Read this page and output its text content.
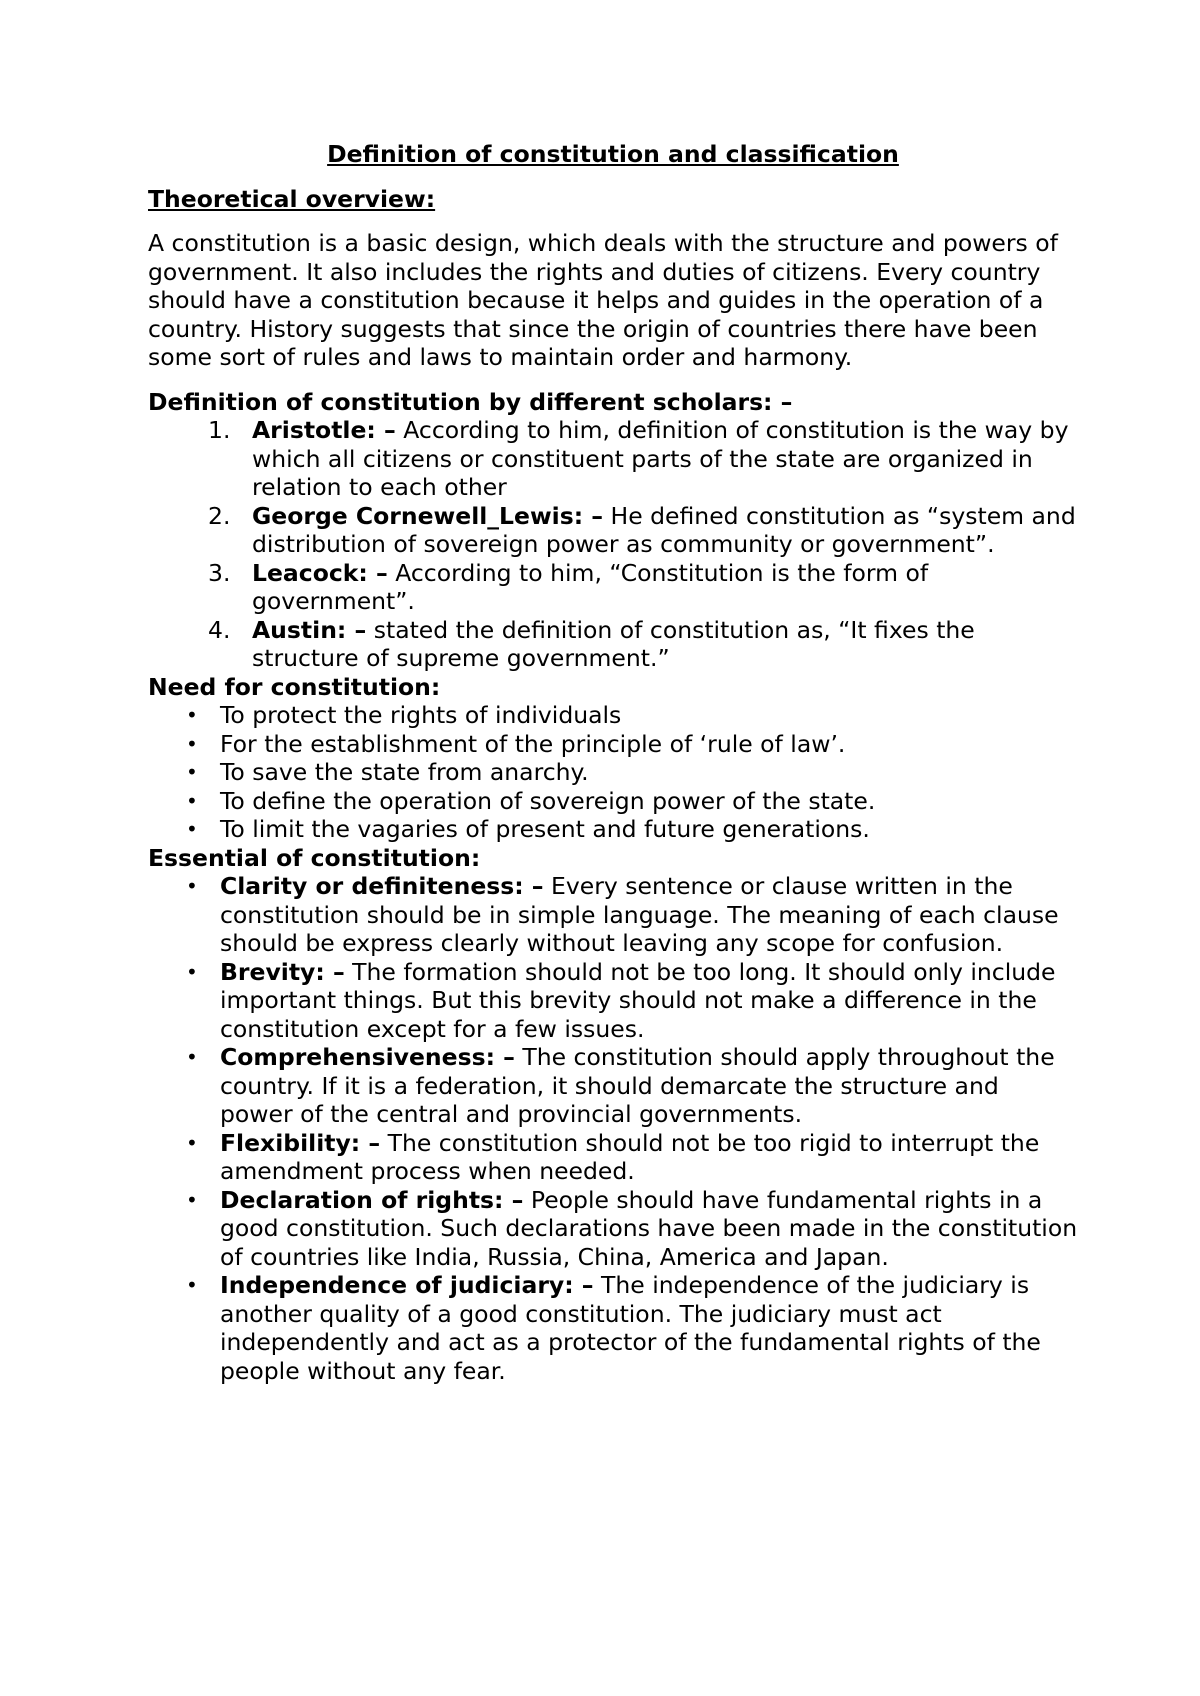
Definition of constitution and classification
Theoretical overview:

A constitution is a basic design, which deals with the structure and powers of government. It also includes the rights and duties of citizens. Every country should have a constitution because it helps and guides in the operation of a country. History suggests that since the origin of countries there have been some sort of rules and laws to maintain order and harmony.

Definition of constitution by different scholars: –
1. Aristotle: – According to him, definition of constitution is the way by which all citizens or constituent parts of the state are organized in relation to each other
2. George Cornewell_Lewis: – He defined constitution as “system and distribution of sovereign power as community or government”.
3. Leacock: – According to him, “Constitution is the form of government”.
4. Austin: – stated the definition of constitution as, “It fixes the structure of supreme government.”
Need for constitution:
• To protect the rights of individuals
• For the establishment of the principle of ‘rule of law’.
• To save the state from anarchy.
• To define the operation of sovereign power of the state.
• To limit the vagaries of present and future generations.
Essential of constitution:
• Clarity or definiteness: – Every sentence or clause written in the constitution should be in simple language. The meaning of each clause should be express clearly without leaving any scope for confusion.
• Brevity: – The formation should not be too long. It should only include important things. But this brevity should not make a difference in the constitution except for a few issues.
• Comprehensiveness: – The constitution should apply throughout the country. If it is a federation, it should demarcate the structure and power of the central and provincial governments.
• Flexibility: – The constitution should not be too rigid to interrupt the amendment process when needed.
• Declaration of rights: – People should have fundamental rights in a good constitution. Such declarations have been made in the constitution of countries like India, Russia, China, America and Japan.
• Independence of judiciary: – The independence of the judiciary is another quality of a good constitution. The judiciary must act independently and act as a protector of the fundamental rights of the people without any fear.
